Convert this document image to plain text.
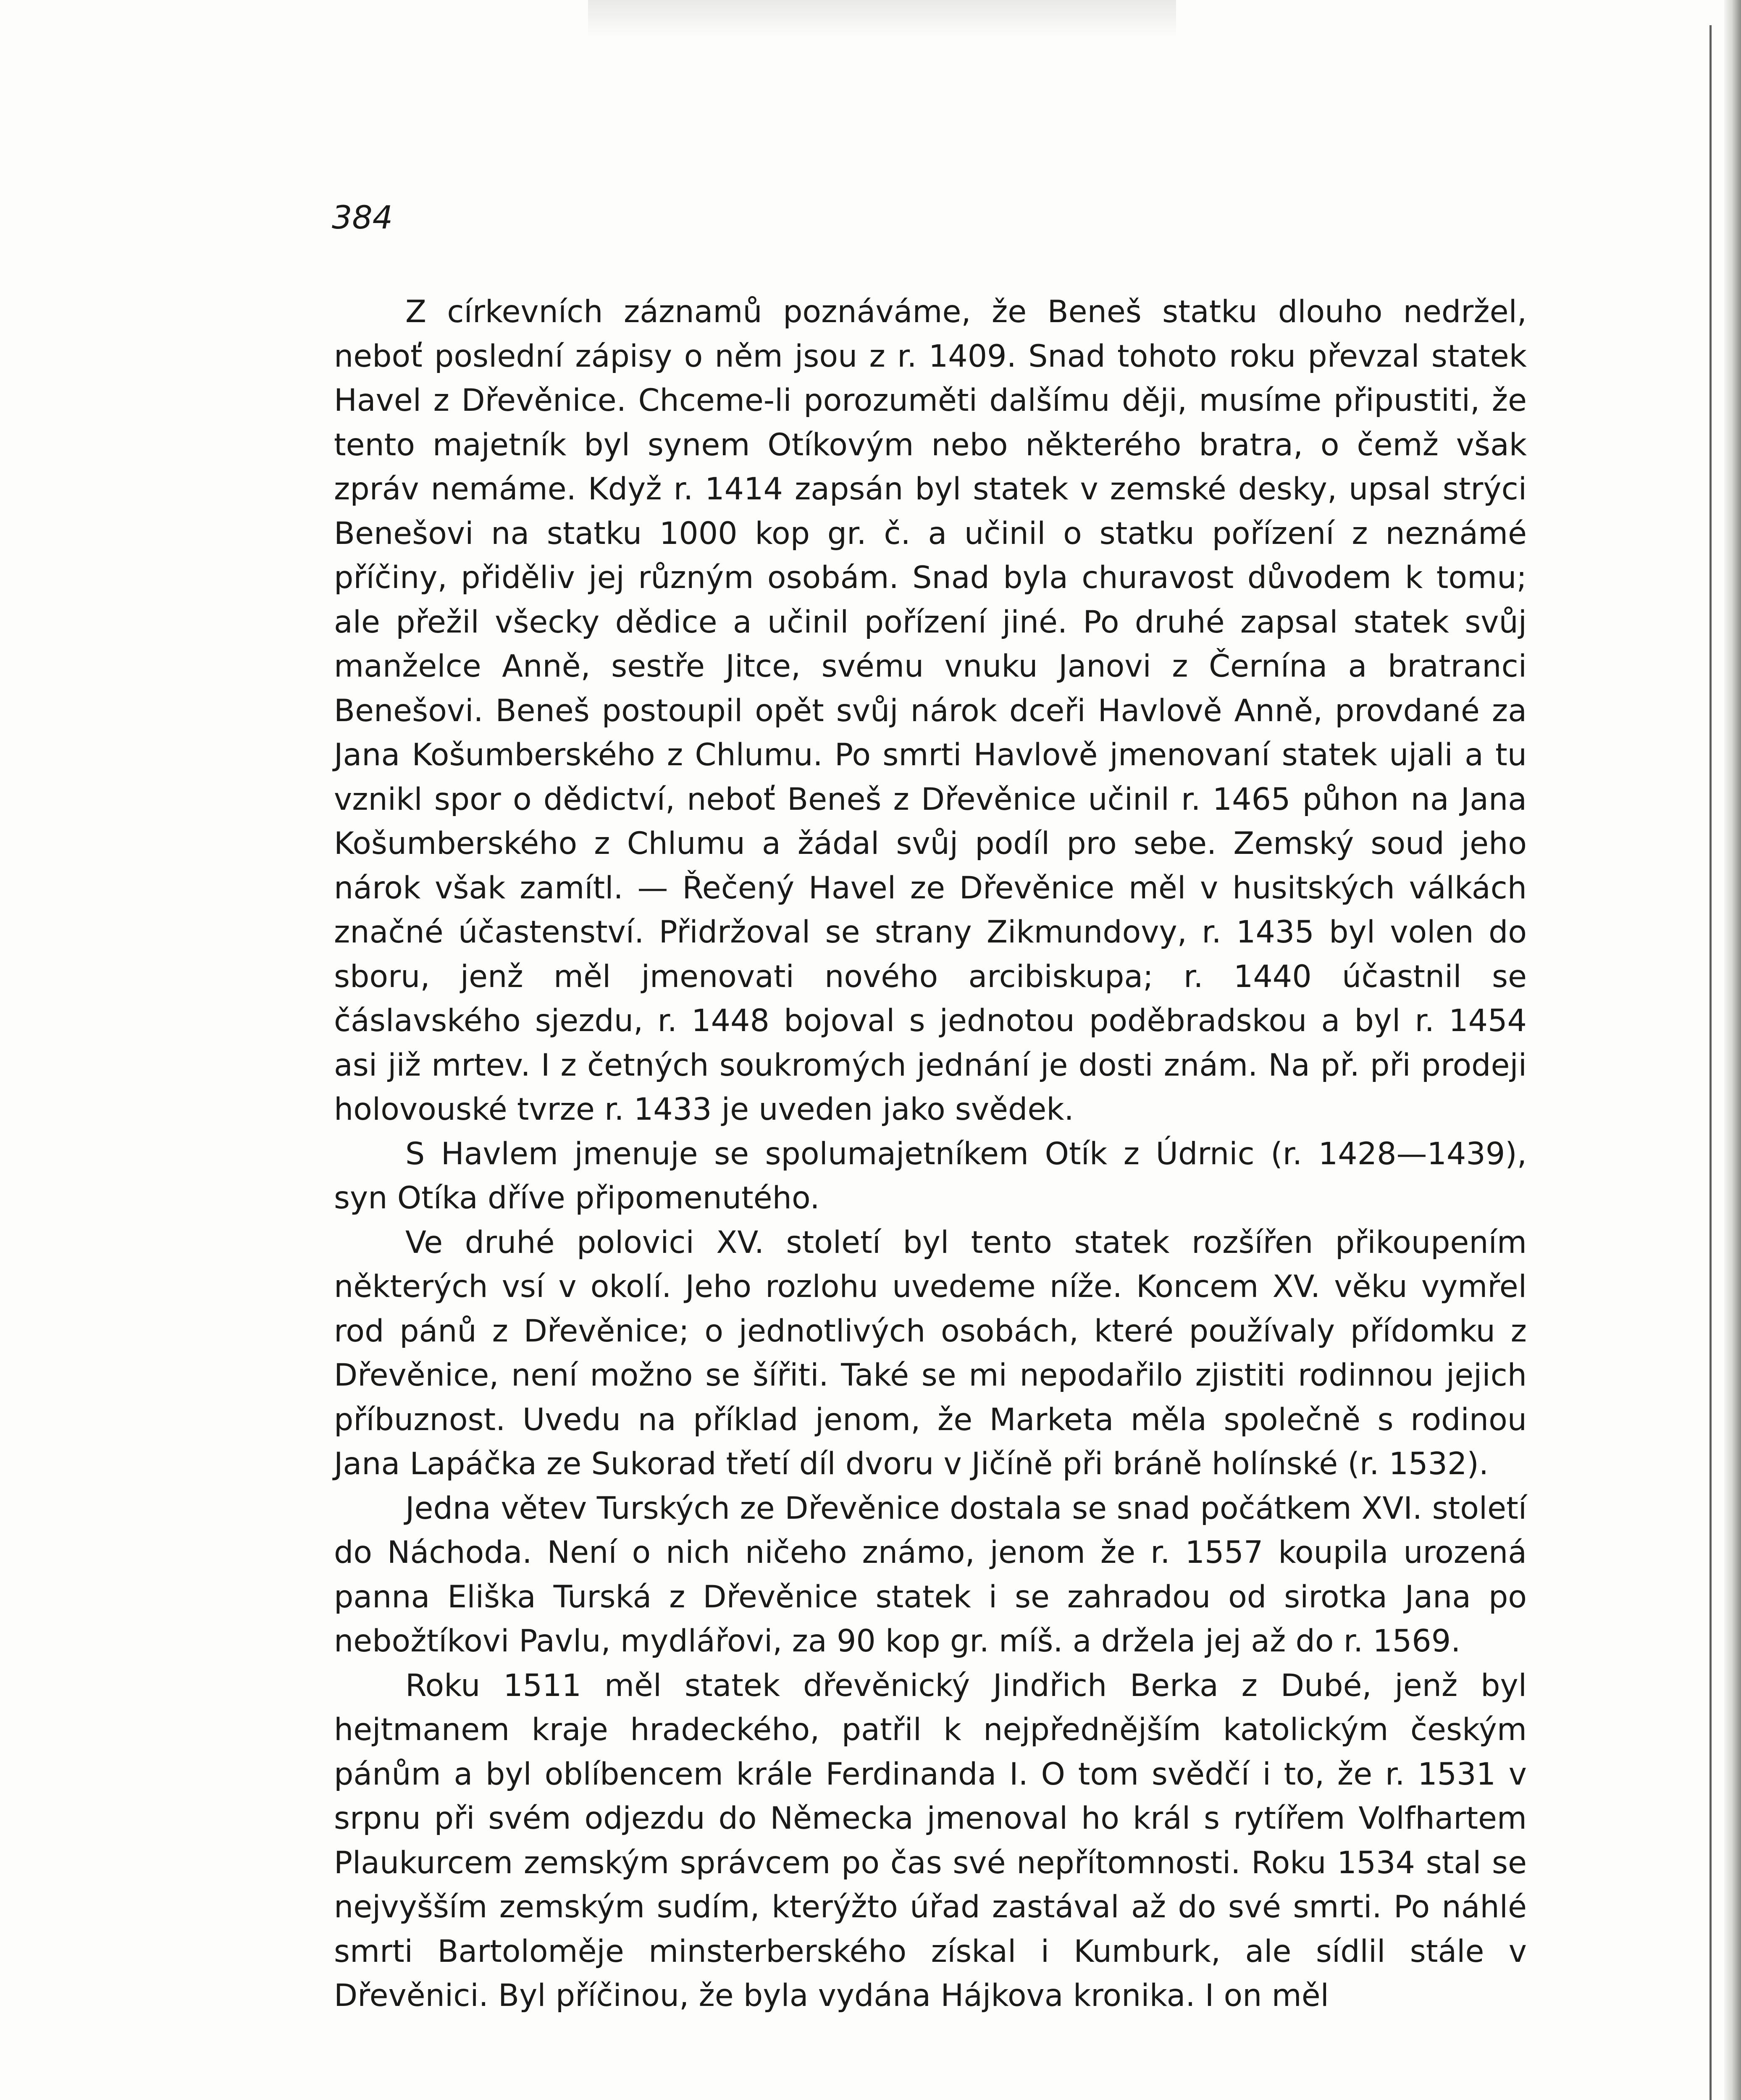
384

Z církevních záznamů poznáváme, že Beneš statku dlouho nedržel, neboť poslední zápisy o něm jsou z r. 1409. Snad tohoto roku převzal statek Havel z Dřevěnice. Chceme-li porozuměti dalšímu ději, musíme připustiti, že tento majetník byl synem Otíkovým nebo některého bratra, o čemž však zpráv nemáme. Když r. 1414 zapsán byl statek v zemské desky, upsal strýci Benešovi na statku 1000 kop gr. č. a učinil o statku pořízení z neznámé příčiny, přiděliv jej různým osobám. Snad byla churavost důvodem k tomu; ale přežil všecky dědice a učinil pořízení jiné. Po druhé zapsal statek svůj manželce Anně, sestře Jitce, svému vnuku Janovi z Černína a bratranci Benešovi. Beneš postoupil opět svůj nárok dceři Havlově Anně, provdané za Jana Košumberského z Chlumu. Po smrti Havlově jmenovaní statek ujali a tu vznikl spor o dědictví, neboť Beneš z Dřevěnice učinil r. 1465 půhon na Jana Košumberského z Chlumu a žádal svůj podíl pro sebe. Zemský soud jeho nárok však zamítl. — Řečený Havel ze Dřevěnice měl v husitských válkách značné účastenství. Přidržoval se strany Zikmundovy, r. 1435 byl volen do sboru, jenž měl jmenovati nového arcibiskupa; r. 1440 účastnil se čáslavského sjezdu, r. 1448 bojoval s jednotou poděbradskou a byl r. 1454 asi již mrtev. I z četných soukromých jednání je dosti znám. Na př. při prodeji holovouské tvrze r. 1433 je uveden jako svědek.

S Havlem jmenuje se spolumajetníkem Otík z Údrnic (r. 1428—1439), syn Otíka dříve připomenutého.

Ve druhé polovici XV. století byl tento statek rozšířen přikoupením některých vsí v okolí. Jeho rozlohu uvedeme níže. Koncem XV. věku vymřel rod pánů z Dřevěnice; o jednotlivých osobách, které používaly přídomku z Dřevěnice, není možno se šířiti. Také se mi nepodařilo zjistiti rodinnou jejich příbuznost. Uvedu na příklad jenom, že Marketa měla společně s rodinou Jana Lapáčka ze Sukorad třetí díl dvoru v Jičíně při bráně holínské (r. 1532).

Jedna větev Turských ze Dřevěnice dostala se snad počátkem XVI. století do Náchoda. Není o nich ničeho známo, jenom že r. 1557 koupila urozená panna Eliška Turská z Dřevěnice statek i se zahradou od sirotka Jana po nebožtíkovi Pavlu, mydlářovi, za 90 kop gr. míš. a držela jej až do r. 1569.

Roku 1511 měl statek dřevěnický Jindřich Berka z Dubé, jenž byl hejtmanem kraje hradeckého, patřil k nejpřednějším katolickým českým pánům a byl oblíbencem krále Ferdinanda I. O tom svědčí i to, že r. 1531 v srpnu při svém odjezdu do Německa jmenoval ho král s rytířem Volfhartem Plaukurcem zemským správcem po čas své nepřítomnosti. Roku 1534 stal se nejvyšším zemským sudím, kterýžto úřad zastával až do své smrti. Po náhlé smrti Bartoloměje minsterberského získal i Kumburk, ale sídlil stále v Dřevěnici. Byl příčinou, že byla vydána Hájkova kronika. I on měl
